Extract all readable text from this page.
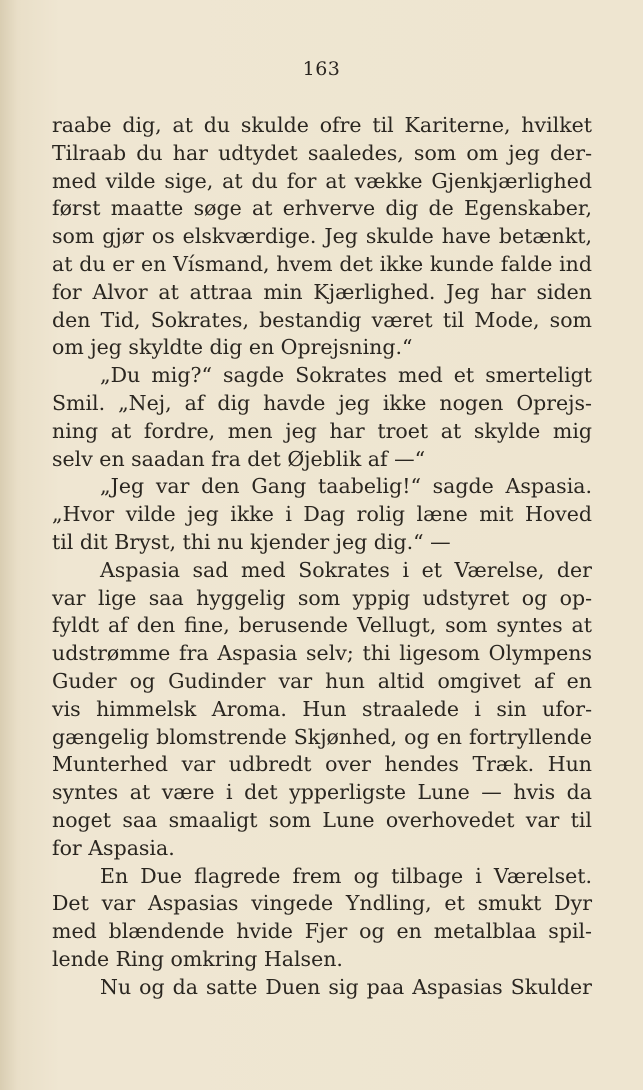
163
raabe dig, at du skulde ofre til Kariterne, hvilket
Tilraab du har udtydet saaledes, som om jeg der-
med vilde sige, at du for at vække Gjenkjærlighed
først maatte søge at erhverve dig de Egenskaber,
som gjør os elskværdige. Jeg skulde have betænkt,
at du er en Vísmand, hvem det ikke kunde falde ind
for Alvor at attraa min Kjærlighed. Jeg har siden
den Tid, Sokrates, bestandig været til Mode, som
om jeg skyldte dig en Oprejsning.“
„Du mig?“ sagde Sokrates med et smerteligt
Smil. „Nej, af dig havde jeg ikke nogen Oprejs-
ning at fordre, men jeg har troet at skylde mig
selv en saadan fra det Øjeblik af —“
„Jeg var den Gang taabelig!“ sagde Aspasia.
„Hvor vilde jeg ikke i Dag rolig læne mit Hoved
til dit Bryst, thi nu kjender jeg dig.“ —
Aspasia sad med Sokrates i et Værelse, der
var lige saa hyggelig som yppig udstyret og op-
fyldt af den fine, berusende Vellugt, som syntes at
udstrømme fra Aspasia selv; thi ligesom Olympens
Guder og Gudinder var hun altid omgivet af en
vis himmelsk Aroma. Hun straalede i sin ufor-
gængelig blomstrende Skjønhed, og en fortryllende
Munterhed var udbredt over hendes Træk. Hun
syntes at være i det ypperligste Lune — hvis da
noget saa smaaligt som Lune overhovedet var til
for Aspasia.
En Due flagrede frem og tilbage i Værelset.
Det var Aspasias vingede Yndling, et smukt Dyr
med blændende hvide Fjer og en metalblaa spil-
lende Ring omkring Halsen.
Nu og da satte Duen sig paa Aspasias Skulder
